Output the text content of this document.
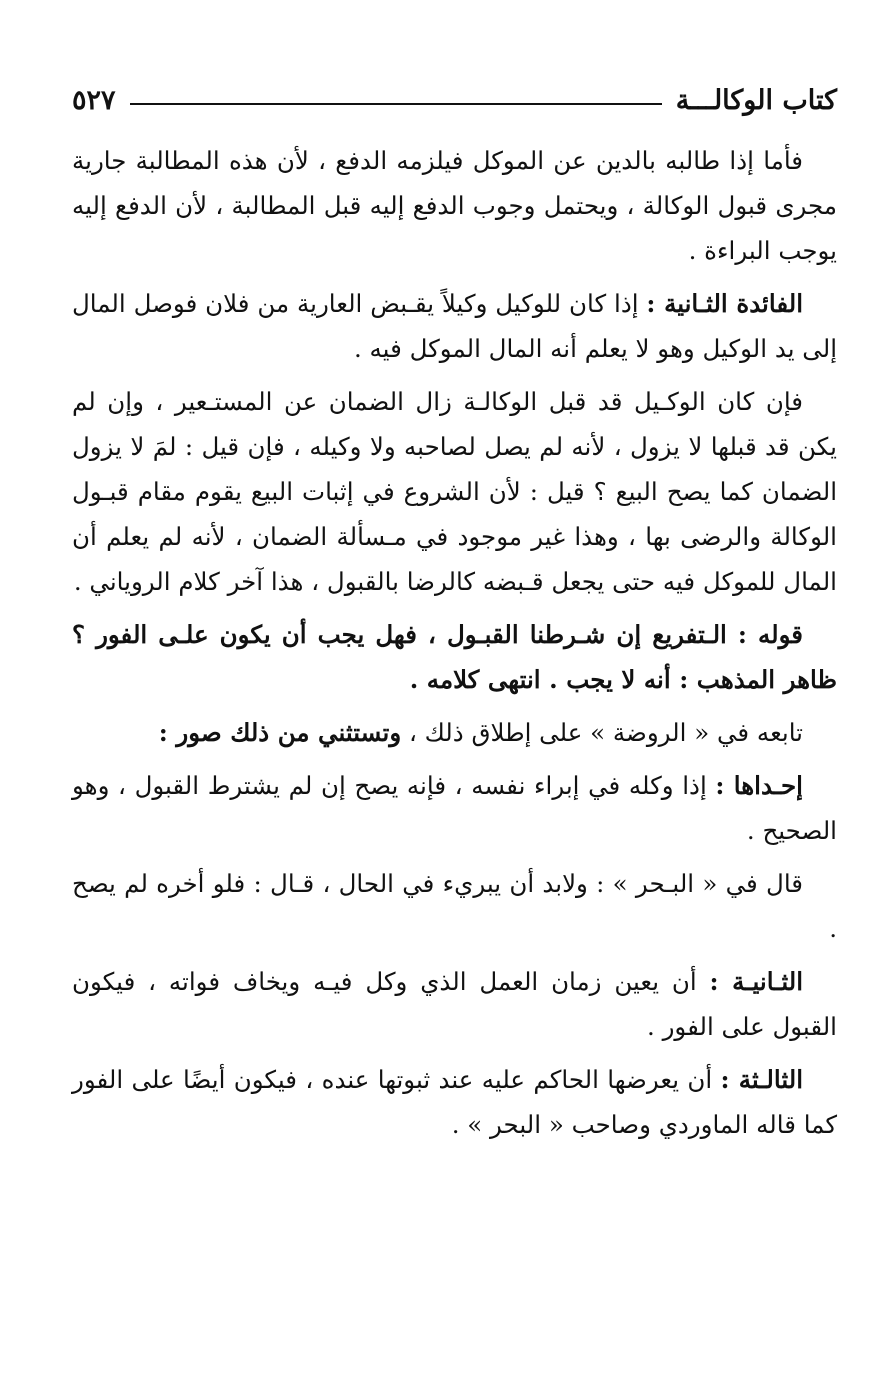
كتاب الوكالـــة
٥٢٧

فأما إذا طالبه بالدين عن الموكل فيلزمه الدفع ، لأن هذه المطالبة جارية مجرى قبول الوكالة ، ويحتمل وجوب الدفع إليه قبل المطالبة ، لأن الدفع إليه يوجب البراءة .

الفائدة الثـانية : إذا كان للوكيل وكيلاً يقـبض العارية من فلان فوصل المال إلى يد الوكيل وهو لا يعلم أنه المال الموكل فيه .

فإن كان الوكـيل قد قبل الوكالـة زال الضمان عن المستـعير ، وإن لم يكن قد قبلها لا يزول ، لأنه لم يصل لصاحبه ولا وكيله ، فإن قيل : لمَ لا يزول الضمان كما يصح البيع ؟ قيل : لأن الشروع في إثبات البيع يقوم مقام قبـول الوكالة والرضى بها ، وهذا غير موجود في مـسألة الضمان ، لأنه لم يعلم أن المال للموكل فيه حتى يجعل قـبضه كالرضا بالقبول ، هذا آخر كلام الروياني .

قوله : الـتفريع إن شـرطنا القبـول ، فهل يجب أن يكون علـى الفور ؟ ظاهر المذهب : أنه لا يجب . انتهى كلامه .

تابعه في « الروضة » على إطلاق ذلك ، وتستثني من ذلك صور :

إحـداها : إذا وكله في إبراء نفسه ، فإنه يصح إن لم يشترط القبول ، وهو الصحيح .

قال في « البـحر » : ولابد أن يبريء في الحال ، قـال : فلو أخره لم يصح .

الثـانيـة : أن يعين زمان العمل الذي وكل فيـه ويخاف فواته ، فيكون القبول على الفور .

الثالـثة : أن يعرضها الحاكم عليه عند ثبوتها عنده ، فيكون أيضًا على الفور كما قاله الماوردي وصاحب « البحر » .
